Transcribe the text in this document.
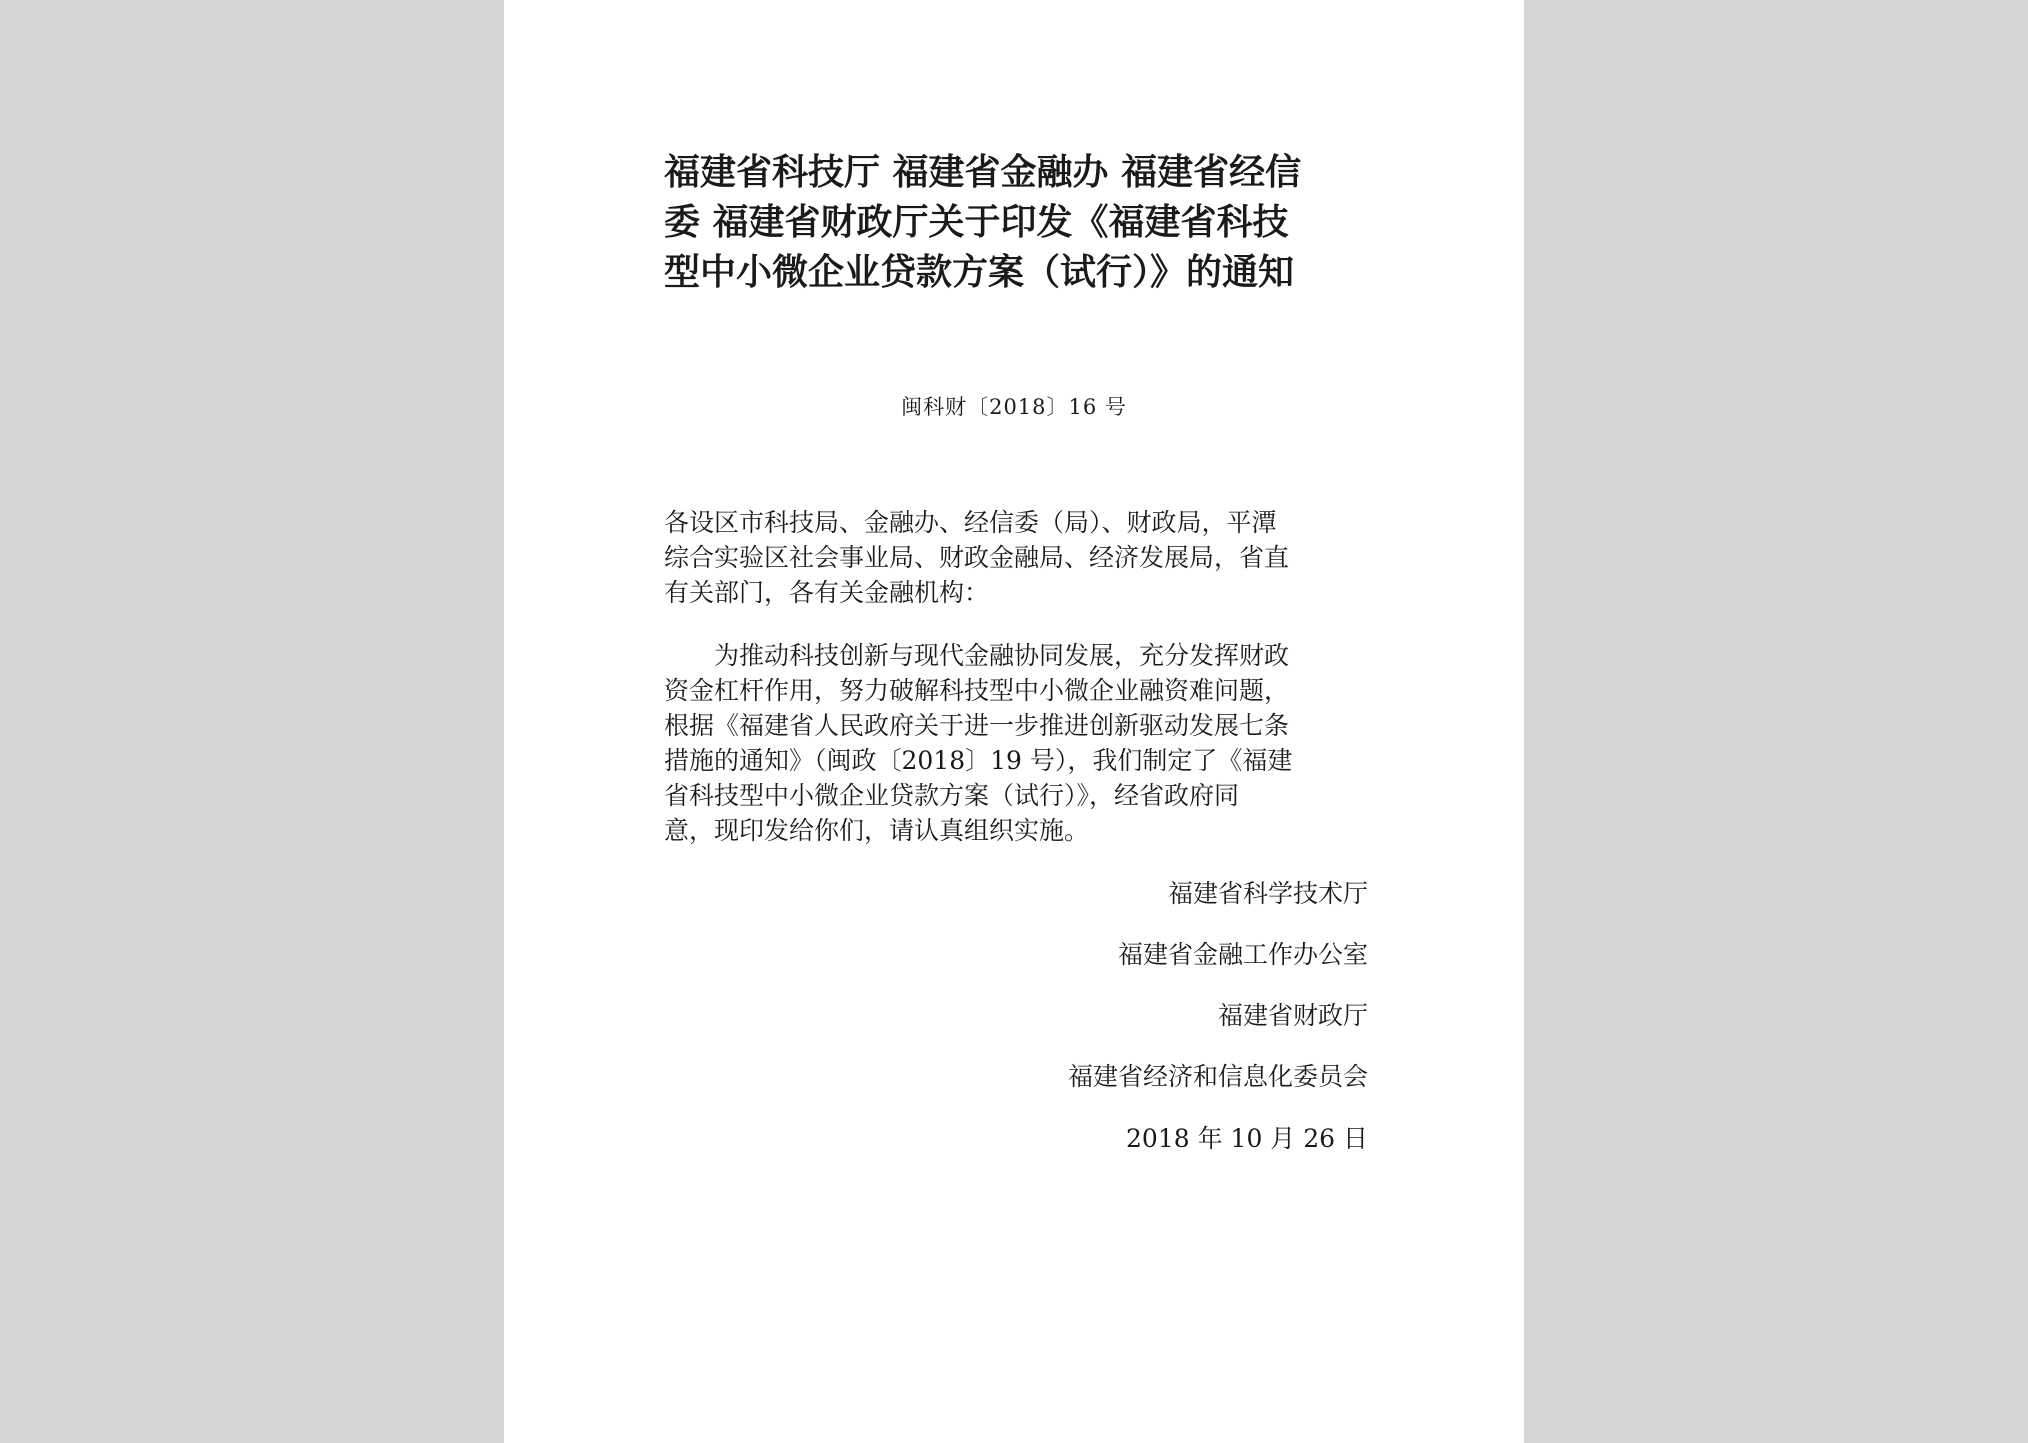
福建省科技厅 福建省金融办 福建省经信
委 福建省财政厅关于印发《福建省科技
型中小微企业贷款方案（试行）》的通知
闽科财〔2018〕16 号

各设区市科技局、金融办、经信委（局）、财政局，平潭
综合实验区社会事业局、财政金融局、经济发展局，省直
有关部门，各有关金融机构：

为推动科技创新与现代金融协同发展，充分发挥财政
资金杠杆作用，努力破解科技型中小微企业融资难问题，
根据《福建省人民政府关于进一步推进创新驱动发展七条
措施的通知》（闽政〔2018〕19 号），我们制定了《福建
省科技型中小微企业贷款方案（试行）》，经省政府同
意，现印发给你们，请认真组织实施。

福建省科学技术厅
福建省金融工作办公室
福建省财政厅
福建省经济和信息化委员会
2018 年 10 月 26 日
